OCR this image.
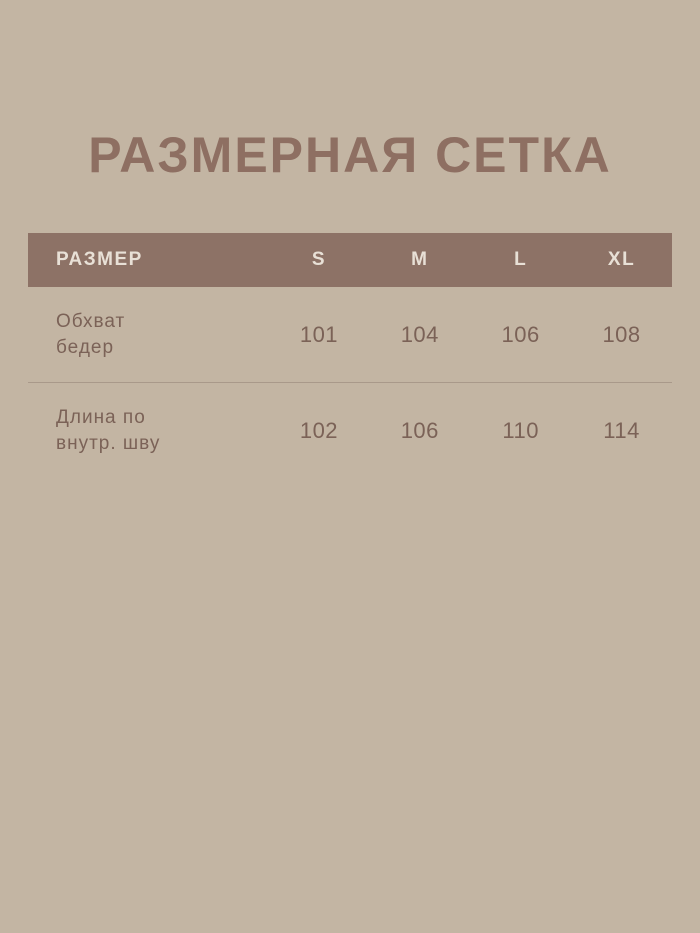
РАЗМЕРНАЯ СЕТКА
РАЗМЕР	S	M	L	XL

Обхват
бедер	101	104	106	108

Длина по
внутр. шву	102	106	110	114
